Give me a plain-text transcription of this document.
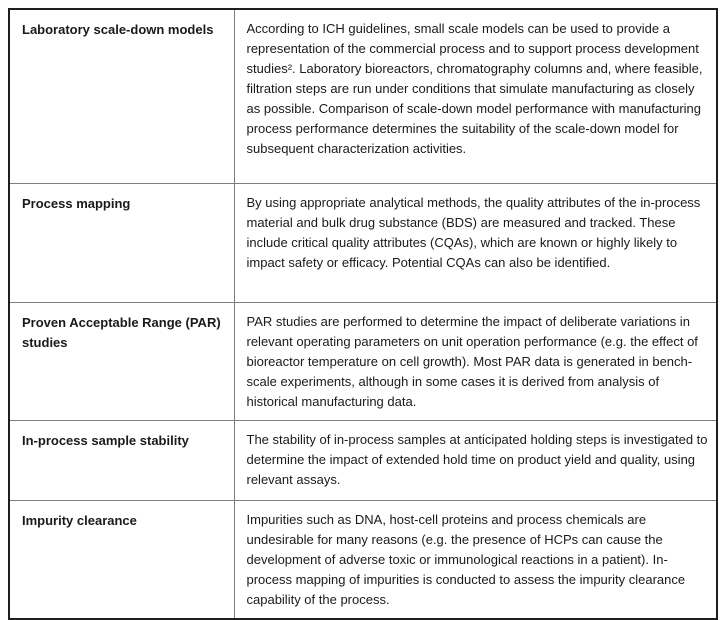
Laboratory scale-down models	According to ICH guidelines, small scale models can be used to provide a representation of the commercial process and to support process development studies². Laboratory bioreactors, chromatography columns and, where feasible, filtration steps are run under conditions that simulate manufacturing as closely as possible. Comparison of scale-down model performance with manufacturing process performance determines the suitability of the scale-down model for subsequent characterization activities.
Process mapping	By using appropriate analytical methods, the quality attributes of the in-process material and bulk drug substance (BDS) are measured and tracked. These include critical quality attributes (CQAs), which are known or highly likely to impact safety or efficacy. Potential CQAs can also be identified.
Proven Acceptable Range (PAR) studies	PAR studies are performed to determine the impact of deliberate variations in relevant operating parameters on unit operation performance (e.g. the effect of bioreactor temperature on cell growth). Most PAR data is generated in bench-scale experiments, although in some cases it is derived from analysis of historical manufacturing data.
In-process sample stability	The stability of in-process samples at anticipated holding steps is investigated to determine the impact of extended hold time on product yield and quality, using relevant assays.
Impurity clearance	Impurities such as DNA, host-cell proteins and process chemicals are undesirable for many reasons (e.g. the presence of HCPs can cause the development of adverse toxic or immunological reactions in a patient). In-process mapping of impurities is conducted to assess the impurity clearance capability of the process.
